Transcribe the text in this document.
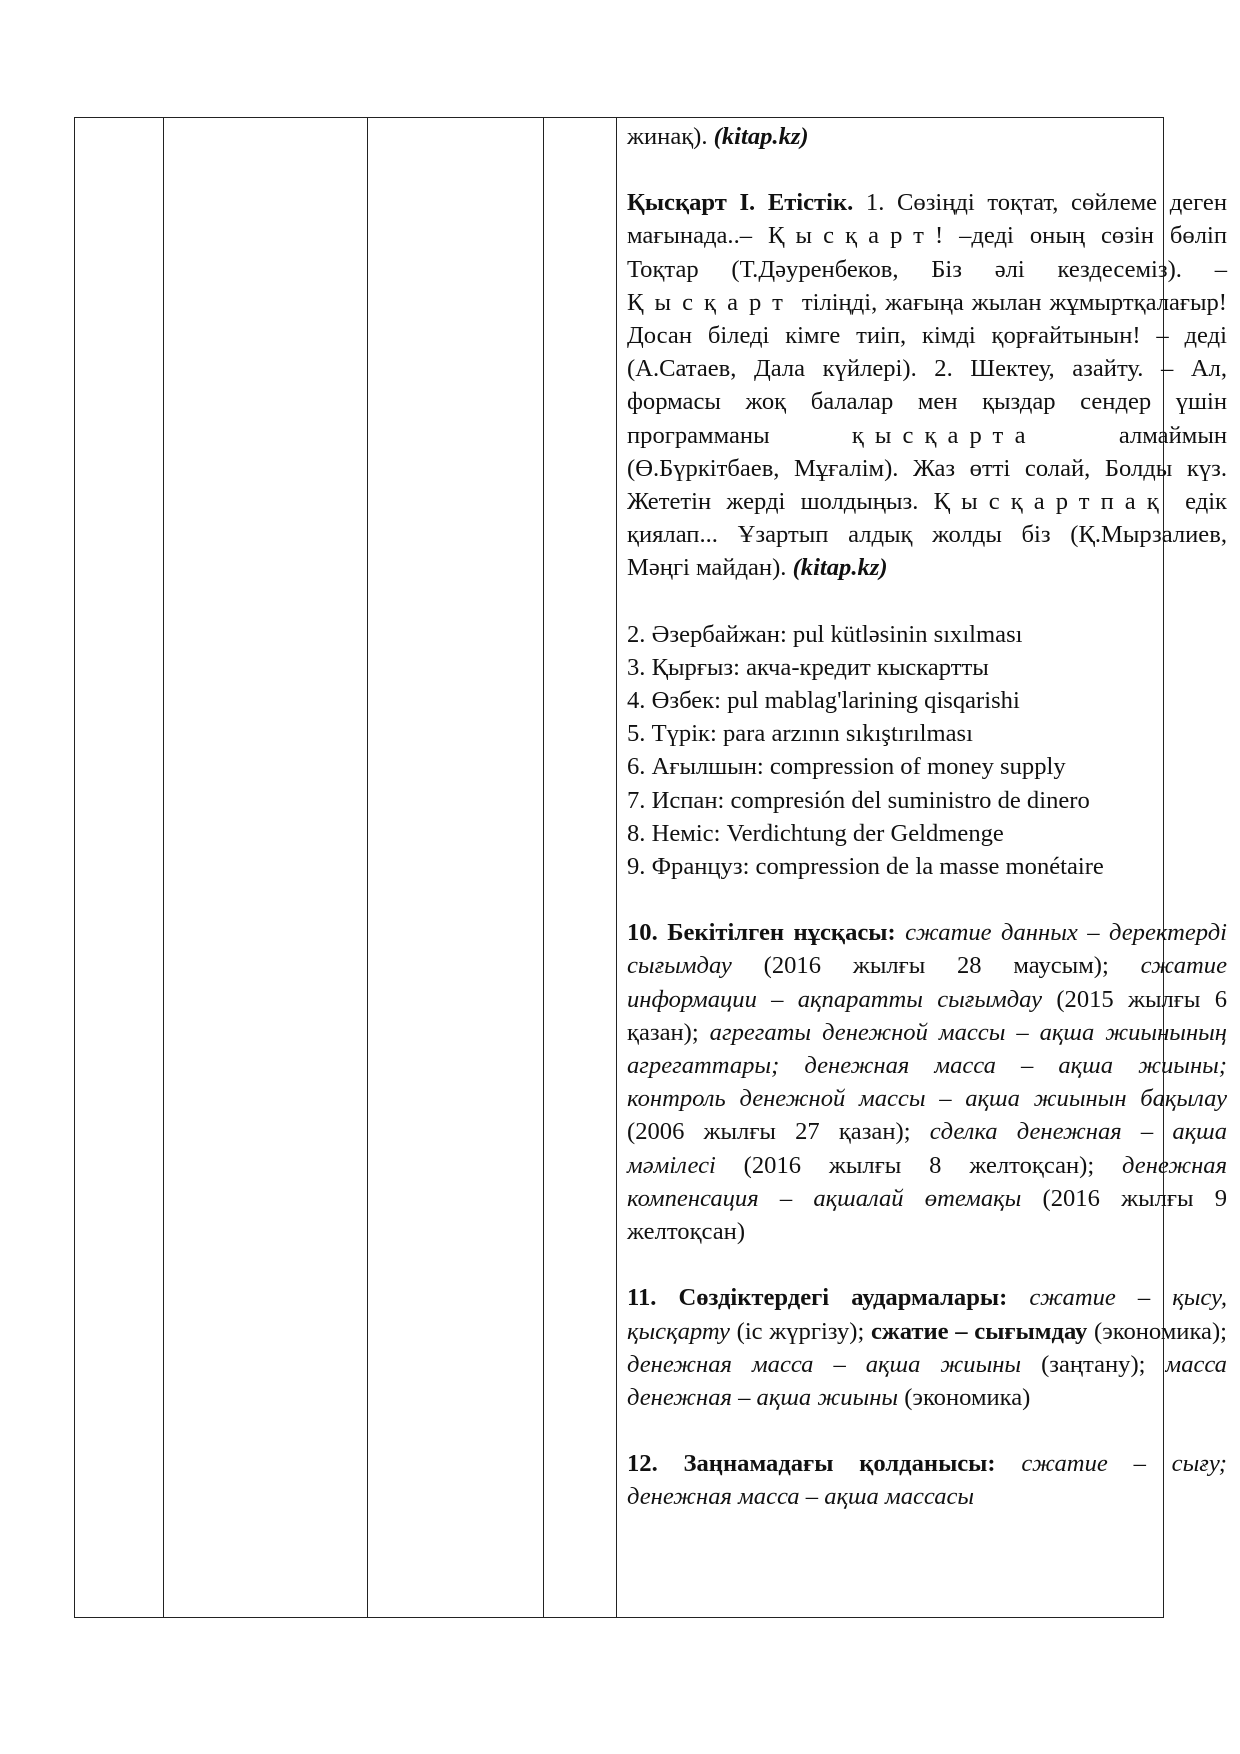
жинақ). (kitap.kz)

Қысқарт I. Етістік. 1. Сөзіңді тоқтат, сөйлеме деген мағынада..– Қысқарт! –деді оның сөзін бөліп Тоқтар (Т.Дәуренбеков, Біз әлі кездесеміз). – Қысқарт тіліңді, жағыңа жылан жұмыртқалағыр! Досан біледі кімге тиіп, кімді қорғайтынын! – деді (А.Сатаев, Дала күйлері). 2. Шектеу, азайту. – Ал, формасы жоқ балалар мен қыздар сендер үшін программаны қысқарта алмаймын (Ө.Бүркітбаев, Мұғалім). Жаз өтті солай, Болды күз. Жететін жерді шолдыңыз. Қысқартпақ едік қиялап... Ұзартып алдық жолды біз (Қ.Мырзалиев, Мәңгі майдан). (kitap.kz)

2. Әзербайжан: pul kütləsinin sıxılması

3. Қырғыз: акча-кредит кыскартты

4. Өзбек: pul mablag'larining qisqarishi

5. Түрік: para arzının sıkıştırılması

6. Ағылшын: compression of money supply

7. Испан: compresión del suministro de dinero

8. Неміс: Verdichtung der Geldmenge

9. Француз: compression de la masse monétaire

10. Бекітілген нұсқасы: сжатие данных – деректерді сығымдау (2016 жылғы 28 маусым); сжатие информации – ақпаратты сығымдау (2015 жылғы 6 қазан); агрегаты денежной массы – ақша жиынының агрегаттары; денежная масса – ақша жиыны; контроль денежной массы – ақша жиынын бақылау (2006 жылғы 27 қазан); сделка денежная – ақша мәмілесі (2016 жылғы 8 желтоқсан); денежная компенсация – ақшалай өтемақы (2016 жылғы 9 желтоқсан)

11. Сөздіктердегі аудармалары: сжатие – қысу, қысқарту (іс жүргізу); сжатие – сығымдау (экономика); денежная масса – ақша жиыны (заңтану); масса денежная – ақша жиыны (экономика)

12. Заңнамадағы қолданысы: сжатие – сығу; денежная масса – ақша массасы
